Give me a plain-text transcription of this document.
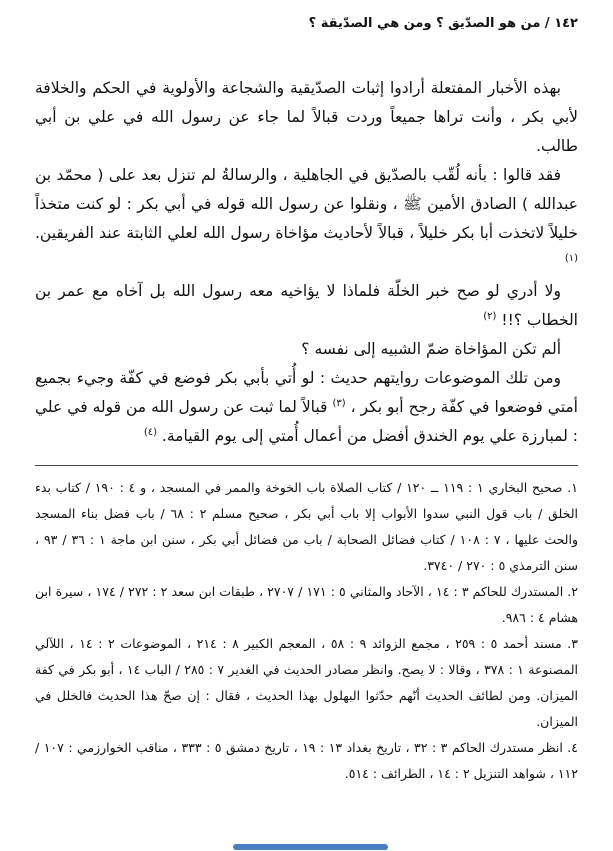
١٤٢ / من هو الصدّيق ؟ ومن هي الصدّيقة ؟

بهذه الأخبار المفتعلة أرادوا إثبات الصدّيقية والشجاعة والأولوية في الحكم والخلافة لأبي بكر ، وأنت تراها جميعاً وردت قبالاً لما جاء عن رسول الله في علي بن أبي طالب.

فقد قالوا : بأنه لُقّب بالصدّيق في الجاهلية ، والرسالةُ لم تنزل بعد على ( محمّد بن عبدالله ) الصادق الأمين ﷺ ، ونقلوا عن رسول الله قوله في أبي بكر : لو كنت متخذاً خليلاً لاتخذت أبا بكر خليلاً ، قبالاً لأحاديث مؤاخاة رسول الله لعلي الثابتة عند الفريقين. $^{(١)}$

ولا أدري لو صح خبر الخلّة فلماذا لا يؤاخيه معه رسول الله بل آخاه مع عمر بن الخطاب ؟!! $^{(٢)}$

ألم تكن المؤاخاة ضمّ الشبيه إلى نفسه ؟

ومن تلك الموضوعات روايتهم حديث : لو أُتي بأبي بكر فوضع في كفّة وجيء بجميع أمتي فوضعوا في كفّة رجح أبو بكر ، $^{(٣)}$ قبالاً لما ثبت عن رسول الله من قوله في علي : لمبارزة علي يوم الخندق أفضل من أعمال أُمتي إلى يوم القيامة. $^{(٤)}$

١. صحيح البخاري ١ : ١١٩ ــ ١٢٠ / كتاب الصلاة باب الخوخة والممر في المسجد ، و ٤ : ١٩٠ / كتاب بدء الخلق / باب قول النبي سدوا الأبواب إلا باب أبي بكر ، صحيح مسلم ٢ : ٦٨ / باب فضل بناء المسجد والحث عليها ، ٧ : ١٠٨ / كتاب فضائل الصحابة / باب من فضائل أبي بكر ، سنن ابن ماجة ١ : ٣٦ / ٩٣ ، سنن الترمذي ٥ : ٢٧٠ / ٣٧٤٠.

٢. المستدرك للحاكم ٣ : ١٤ ، الآحاد والمثاني ٥ : ١٧١ / ٢٧٠٧ ، طبقات ابن سعد ٢ : ٢٧٢ / ١٧٤ ، سيرة ابن هشام ٤ : ٩٨٦.

٣. مسند أحمد ٥ : ٢٥٩ ، مجمع الزوائد ٩ : ٥٨ ، المعجم الكبير ٨ : ٢١٤ ، الموضوعات ٢ : ١٤ ، اللآلي المصنوعة ١ : ٣٧٨ ، وقالا : لا يصح. وانظر مصادر الحديث في الغدير ٧ : ٢٨٥ / الباب ١٤ ، أبو بكر في كفة الميزان. ومن لطائف الحديث أنّهم حدّثوا البهلول بهذا الحديث ، فقال : إن صحّ هذا الحديث فالخلل في الميزان.

٤. انظر مستدرك الحاكم ٣ : ٣٢ ، تاريخ بغداد ١٣ : ١٩ ، تاريخ دمشق ٥ : ٣٣٣ ، مناقب الخوارزمي : ١٠٧ / ١١٢ ، شواهد التنزيل ٢ : ١٤ ، الطرائف : ٥١٤.
